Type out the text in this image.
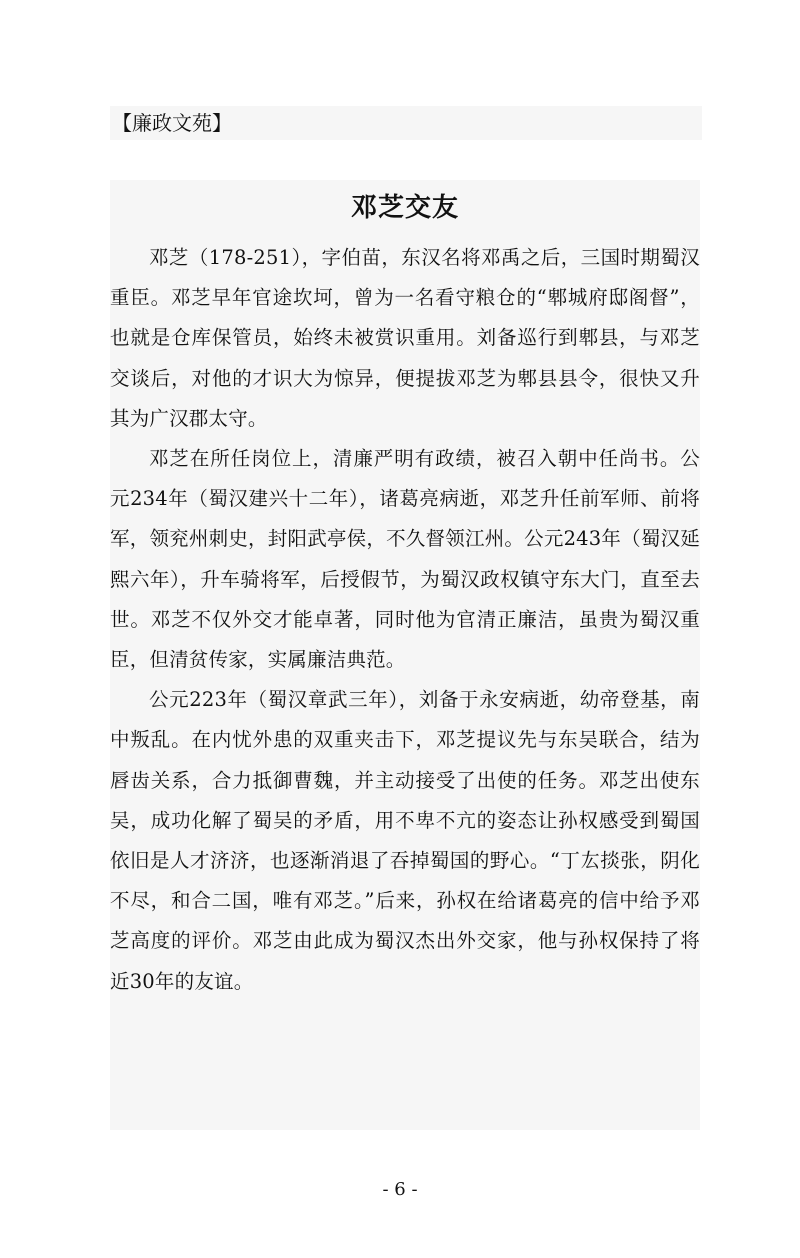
【廉政文苑】
邓芝交友

邓芝（178-251），字伯苗，东汉名将邓禹之后，三国时期蜀汉重臣。邓芝早年官途坎坷，曾为一名看守粮仓的“郫城府邸阁督”，也就是仓库保管员，始终未被赏识重用。刘备巡行到郫县，与邓芝交谈后，对他的才识大为惊异，便提拔邓芝为郫县县令，很快又升其为广汉郡太守。

邓芝在所任岗位上，清廉严明有政绩，被召入朝中任尚书。公元234年（蜀汉建兴十二年），诸葛亮病逝，邓芝升任前军师、前将军，领兖州刺史，封阳武亭侯，不久督领江州。公元243年（蜀汉延熙六年），升车骑将军，后授假节，为蜀汉政权镇守东大门，直至去世。邓芝不仅外交才能卓著，同时他为官清正廉洁，虽贵为蜀汉重臣，但清贫传家，实属廉洁典范。

公元223年（蜀汉章武三年），刘备于永安病逝，幼帝登基，南中叛乱。在内忧外患的双重夹击下，邓芝提议先与东吴联合，结为唇齿关系，合力抵御曹魏，并主动接受了出使的任务。邓芝出使东吴，成功化解了蜀吴的矛盾，用不卑不亢的姿态让孙权感受到蜀国依旧是人才济济，也逐渐消退了吞掉蜀国的野心。“丁厷掞张，阴化不尽，和合二国，唯有邓芝。”后来，孙权在给诸葛亮的信中给予邓芝高度的评价。邓芝由此成为蜀汉杰出外交家，他与孙权保持了将近30年的友谊。

- 6 -
